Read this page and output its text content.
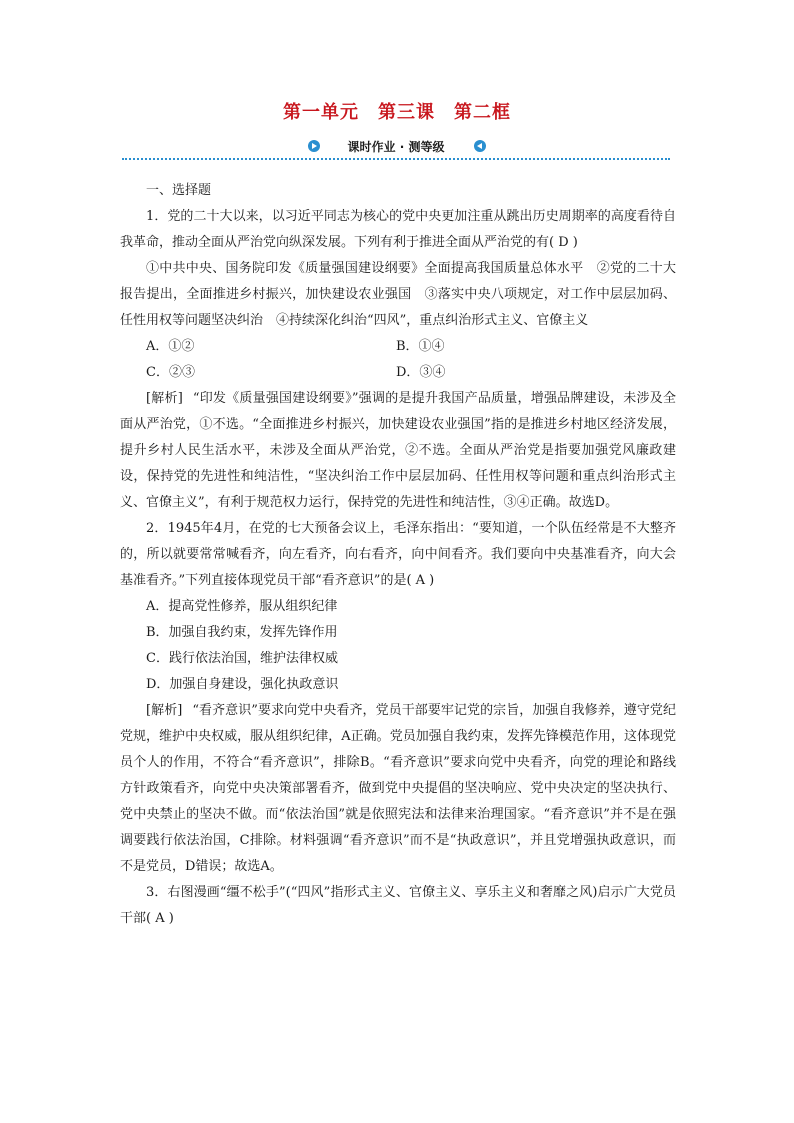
第一单元　第三课　第二框
课时作业 · 测等级

一、选择题

1．党的二十大以来，以习近平同志为核心的党中央更加注重从跳出历史周期率的高度看待自我革命，推动全面从严治党向纵深发展。下列有利于推进全面从严治党的有( D )

①中共中央、国务院印发《质量强国建设纲要》全面提高我国质量总体水平　②党的二十大报告提出，全面推进乡村振兴，加快建设农业强国　③落实中央八项规定，对工作中层层加码、任性用权等问题坚决纠治　④持续深化纠治“四风”，重点纠治形式主义、官僚主义

A．①②	B．①④

C．②③	D．③④

[解析] “印发《质量强国建设纲要》”强调的是提升我国产品质量，增强品牌建设，未涉及全面从严治党，①不选。“全面推进乡村振兴，加快建设农业强国”指的是推进乡村地区经济发展，提升乡村人民生活水平，未涉及全面从严治党，②不选。全面从严治党是指要加强党风廉政建设，保持党的先进性和纯洁性，“坚决纠治工作中层层加码、任性用权等问题和重点纠治形式主义、官僚主义”，有利于规范权力运行，保持党的先进性和纯洁性，③④正确。故选D。

2．1945年4月，在党的七大预备会议上，毛泽东指出：“要知道，一个队伍经常是不大整齐的，所以就要常常喊看齐，向左看齐，向右看齐，向中间看齐。我们要向中央基准看齐，向大会基准看齐。”下列直接体现党员干部“看齐意识”的是( A )

A．提高党性修养，服从组织纪律

B．加强自我约束，发挥先锋作用

C．践行依法治国，维护法律权威

D．加强自身建设，强化执政意识

[解析] “看齐意识”要求向党中央看齐，党员干部要牢记党的宗旨，加强自我修养，遵守党纪党规，维护中央权威，服从组织纪律，A正确。党员加强自我约束，发挥先锋模范作用，这体现党员个人的作用，不符合“看齐意识”，排除B。“看齐意识”要求向党中央看齐，向党的理论和路线方针政策看齐，向党中央决策部署看齐，做到党中央提倡的坚决响应、党中央决定的坚决执行、党中央禁止的坚决不做。而“依法治国”就是依照宪法和法律来治理国家。“看齐意识”并不是在强调要践行依法治国，C排除。材料强调“看齐意识”而不是“执政意识”，并且党增强执政意识，而不是党员，D错误；故选A。

3．右图漫画“缰不松手”(“四风”指形式主义、官僚主义、享乐主义和奢靡之风)启示广大党员干部( A )
